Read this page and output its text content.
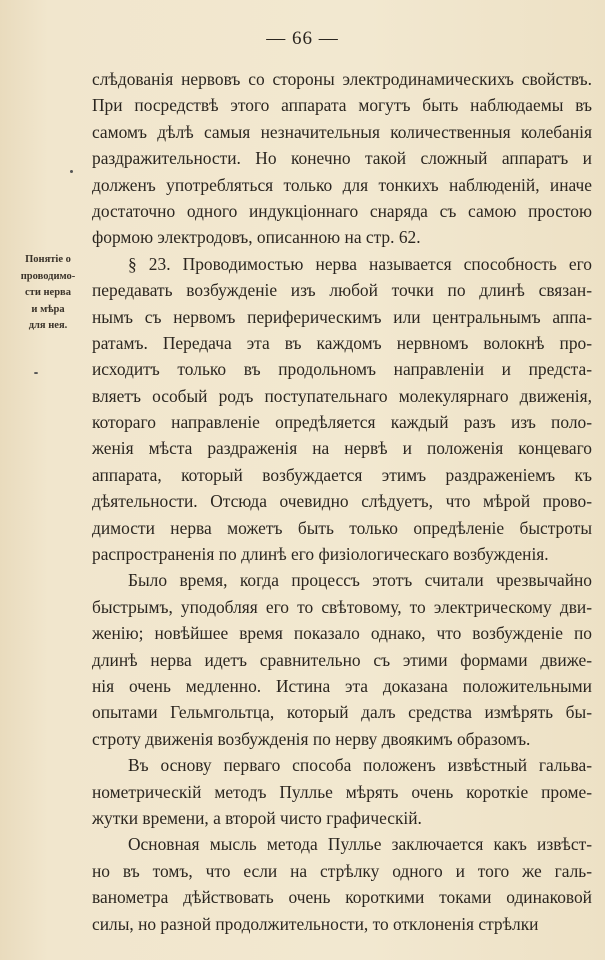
— 66 —
Понятіе о
проводимо-
сти нерва
и мѣра
для нея.
слѣдованія нервовъ со стороны электродинамическихъ свойствъ.
При посредствѣ этого аппарата могутъ быть наблюдаемы въ
самомъ дѣлѣ самыя незначительныя количественныя колебанія
раздражительности. Но конечно такой сложный аппаратъ и
долженъ употребляться только для тонкихъ наблюденій, иначе
достаточно одного индукціоннаго снаряда съ самою простою
формою электродовъ, описанною на стр. 62.
§ 23. Проводимостью нерва называется способность его
передавать возбужденіе изъ любой точки по длинѣ связан-
нымъ съ нервомъ периферическимъ или центральнымъ аппа-
ратамъ. Передача эта въ каждомъ нервномъ волокнѣ про-
исходитъ только въ продольномъ направленіи и предста-
вляетъ особый родъ поступательнаго молекулярнаго движенія,
котораго направленіе опредѣляется каждый разъ изъ поло-
женія мѣста раздраженія на нервѣ и положенія концеваго
аппарата, который возбуждается этимъ раздраженіемъ къ
дѣятельности. Отсюда очевидно слѣдуетъ, что мѣрой прово-
димости нерва можетъ быть только опредѣленіе быстроты
распространенія по длинѣ его физіологическаго возбужденія.
Было время, когда процессъ этотъ считали чрезвычайно
быстрымъ, уподобляя его то свѣтовому, то электрическому дви-
женію; новѣйшее время показало однако, что возбужденіе по
длинѣ нерва идетъ сравнительно съ этими формами движе-
нія очень медленно. Истина эта доказана положительными
опытами Гельмгольтца, который далъ средства измѣрять бы-
строту движенія возбужденія по нерву двоякимъ образомъ.
Въ основу перваго способа положенъ извѣстный гальва-
нометрическій методъ Пуллье мѣрять очень короткіе проме-
жутки времени, а второй чисто графическій.
Основная мысль метода Пуллье заключается какъ извѣст-
но въ томъ, что если на стрѣлку одного и того же галь-
ванометра дѣйствовать очень короткими токами одинаковой
силы, но разной продолжительности, то отклоненія стрѣлки
